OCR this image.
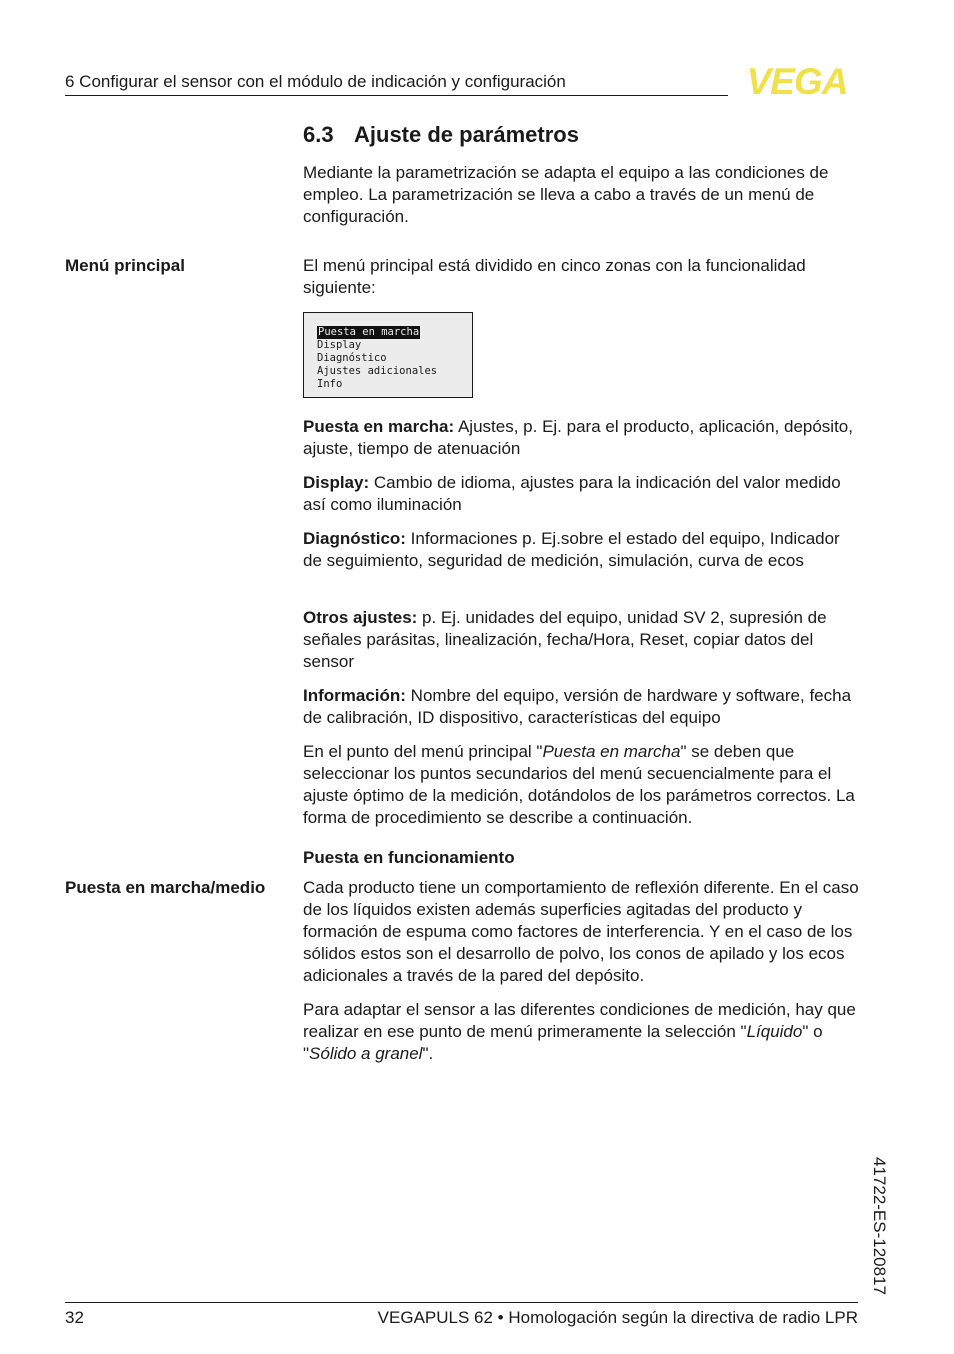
6 Configurar el sensor con el módulo de indicación y configuración	VEGA
6.3 Ajuste de parámetros

Mediante la parametrización se adapta el equipo a las condiciones de empleo. La parametrización se lleva a cabo a través de un menú de configuración.

Menú principal	El menú principal está dividido en cinco zonas con la funcionalidad siguiente:

Puesta en marcha
Display
Diagnóstico
Ajustes adicionales
Info

Puesta en marcha: Ajustes, p. Ej. para el producto, aplicación, depósito, ajuste, tiempo de atenuación

Display: Cambio de idioma, ajustes para la indicación del valor medido así como iluminación

Diagnóstico: Informaciones p. Ej.sobre el estado del equipo, Indicador de seguimiento, seguridad de medición, simulación, curva de ecos

Otros ajustes: p. Ej. unidades del equipo, unidad SV 2, supresión de señales parásitas, linealización, fecha/Hora, Reset, copiar datos del sensor

Información: Nombre del equipo, versión de hardware y software, fecha de calibración, ID dispositivo, características del equipo

En el punto del menú principal "Puesta en marcha" se deben que seleccionar los puntos secundarios del menú secuencialmente para el ajuste óptimo de la medición, dotándolos de los parámetros correctos. La forma de procedimiento se describe a continuación.

Puesta en funcionamiento
Puesta en marcha/medio Cada producto tiene un comportamiento de reflexión diferente. En el caso de los líquidos existen además superficies agitadas del producto y formación de espuma como factores de interferencia. Y en el caso de los sólidos estos son el desarrollo de polvo, los conos de apilado y los ecos adicionales a través de la pared del depósito.

Para adaptar el sensor a las diferentes condiciones de medición, hay que realizar en ese punto de menú primeramente la selección "Líquido" o "Sólido a granel".

41722-ES-120817
32	VEGAPULS 62 • Homologación según la directiva de radio LPR
